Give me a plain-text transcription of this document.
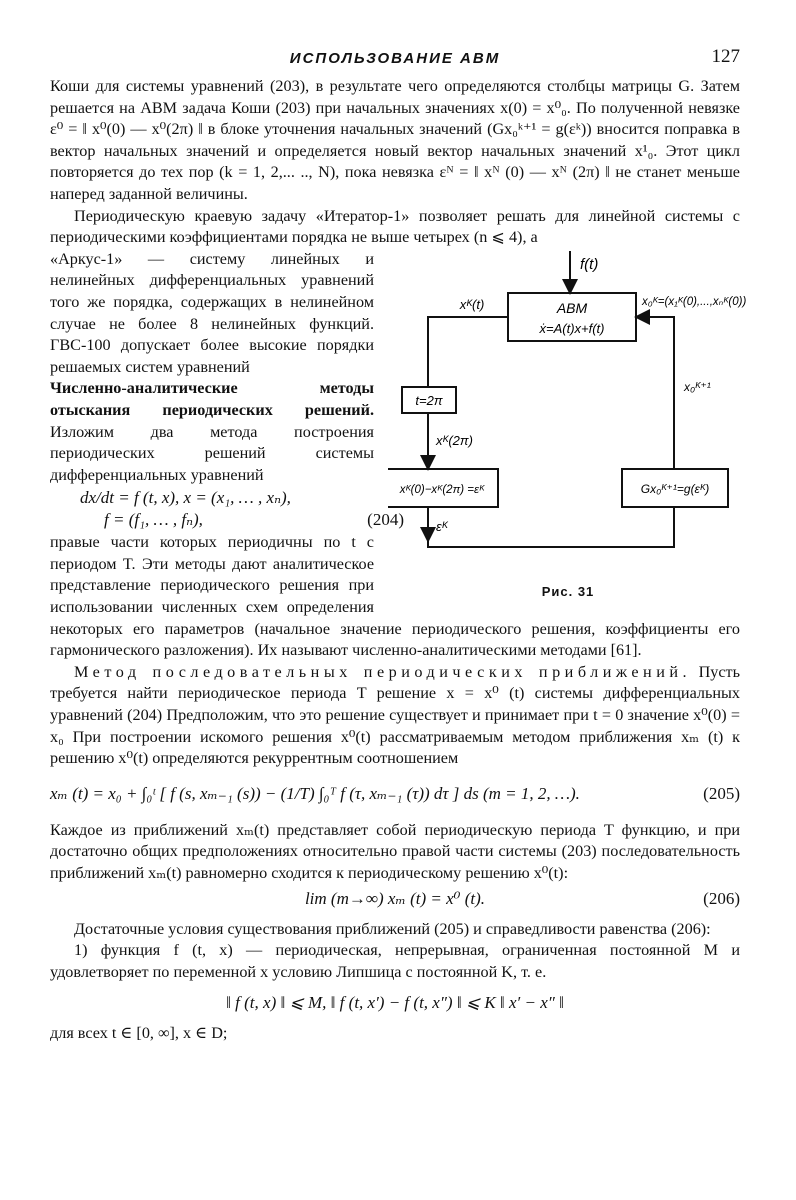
ИСПОЛЬЗОВАНИЕ АВМ	127

Коши для системы уравнений (203), в результате чего определяются столбцы матрицы G. Затем решается на АВМ задача Коши (203) при начальных значениях x(0) = x⁰₀. По полученной невязке ε⁰ = ‖ x⁰(0) — x⁰(2π) ‖ в блоке уточнения начальных значений (Gx₀ᵏ⁺¹ = g(εᵏ)) вносится поправка в вектор начальных значений и определяется новый вектор начальных значений x¹₀. Этот цикл повторяется до тех пор (k = 1, 2,... .., N), пока невязка εᴺ = ‖ xᴺ (0) — xᴺ (2π) ‖ не станет меньше наперед заданной величины.

Периодическую краевую задачу «Итератор-1» позволяет решать для линейной системы с периодическими коэффициентами порядка не выше четырех (n ⩽ 4), а

f(t)
АВМ
ẋ=A(t)x+f(t)
xᴷ(t)
t=2π
xᴷ(2π)
xᴷ(0)−xᴷ(2π) =εᴷ
εᴷ
Gx₀ᴷ⁺¹=g(εᴷ)
x₀ᴷ⁺¹
x₀ᴷ=(x₁ᴷ(0),...,xₙᴷ(0))
Рис. 31

«Аркус-1» — систему линейных и нелинейных дифференциальных уравнений того же порядка, содержащих в нелинейном случае не более 8 нелинейных функций. ГВС-100 допускает более высокие порядки решаемых систем уравнений

Численно-аналитические методы отыскания периодических решений. Изложим два метода построения периодических решений системы дифференциальных уравнений

dx/dt = f (t, x), x = (x₁, … , xₙ),
f = (f₁, … , fₙ),	(204)

правые части которых периодичны по t с периодом T. Эти методы дают аналитическое представление периодического решения при использовании численных схем определения некоторых его параметров (начальное значение периодического решения, коэффициенты его гармонического разложения). Их называют численно-аналитическими методами [61].

Метод последовательных периодических приближений. Пусть требуется найти периодическое периода T решение x = x⁰ (t) системы дифференциальных уравнений (204) Предположим, что это решение существует и принимает при t = 0 значение x⁰(0) = x₀ При построении искомого решения x⁰(t) рассматриваемым методом приближения xₘ (t) к решению x⁰(t) определяются рекуррентным соотношением

xₘ (t) = x₀ + ∫₀ᵗ [ f (s, xₘ₋₁ (s)) − (1/T) ∫₀ᵀ f (τ, xₘ₋₁ (τ)) dτ ] ds (m = 1, 2, …).	(205)

Каждое из приближений xₘ(t) представляет собой периодическую периода T функцию, и при достаточно общих предположениях относительно правой части системы (203) последовательность приближений xₘ(t) равномерно сходится к периодическому решению x⁰(t):

lim (m→∞) xₘ (t) = x⁰ (t).	(206)

Достаточные условия существования приближений (205) и справедливости равенства (206):

1) функция f (t, x) — периодическая, непрерывная, ограниченная постоянной M и удовлетворяет по переменной x условию Липшица с постоянной K, т. е.

‖ f (t, x) ‖ ⩽ M, ‖ f (t, x′) − f (t, x″) ‖ ⩽ K ‖ x′ − x″ ‖

для всех t ∈ [0, ∞], x ∈ D;
